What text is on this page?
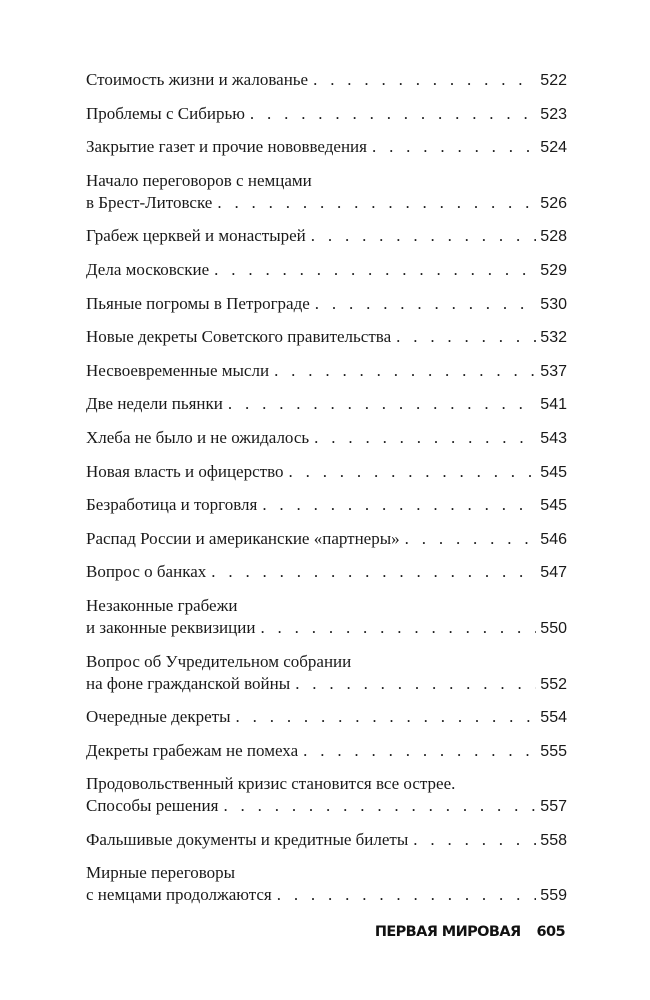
Стоимость жизни и жалованье . . .	522
Проблемы с Сибирью . . .	523
Закрытие газет и прочие нововведения . . .	524
Начало переговоров с немцами
в Брест-Литовске . . .	526
Грабеж церквей и монастырей . . .	528
Дела московские . . .	529
Пьяные погромы в Петрограде . . .	530
Новые декреты Советского правительства . . .	532
Несвоевременные мысли . . .	537
Две недели пьянки . . .	541
Хлеба не было и не ожидалось . . .	543
Новая власть и офицерство . . .	545
Безработица и торговля . . .	545
Распад России и американские «партнеры» . . .	546
Вопрос о банках . . .	547
Незаконные грабежи
и законные реквизиции . . .	550
Вопрос об Учредительном собрании
на фоне гражданской войны . . .	552
Очередные декреты . . .	554
Декреты грабежам не помеха . . .	555
Продовольственный кризис становится все острее.
Способы решения . . .	557
Фальшивые документы и кредитные билеты . . .	558
Мирные переговоры
с немцами продолжаются . . .	559
ПЕРВАЯ МИРОВАЯ 605
